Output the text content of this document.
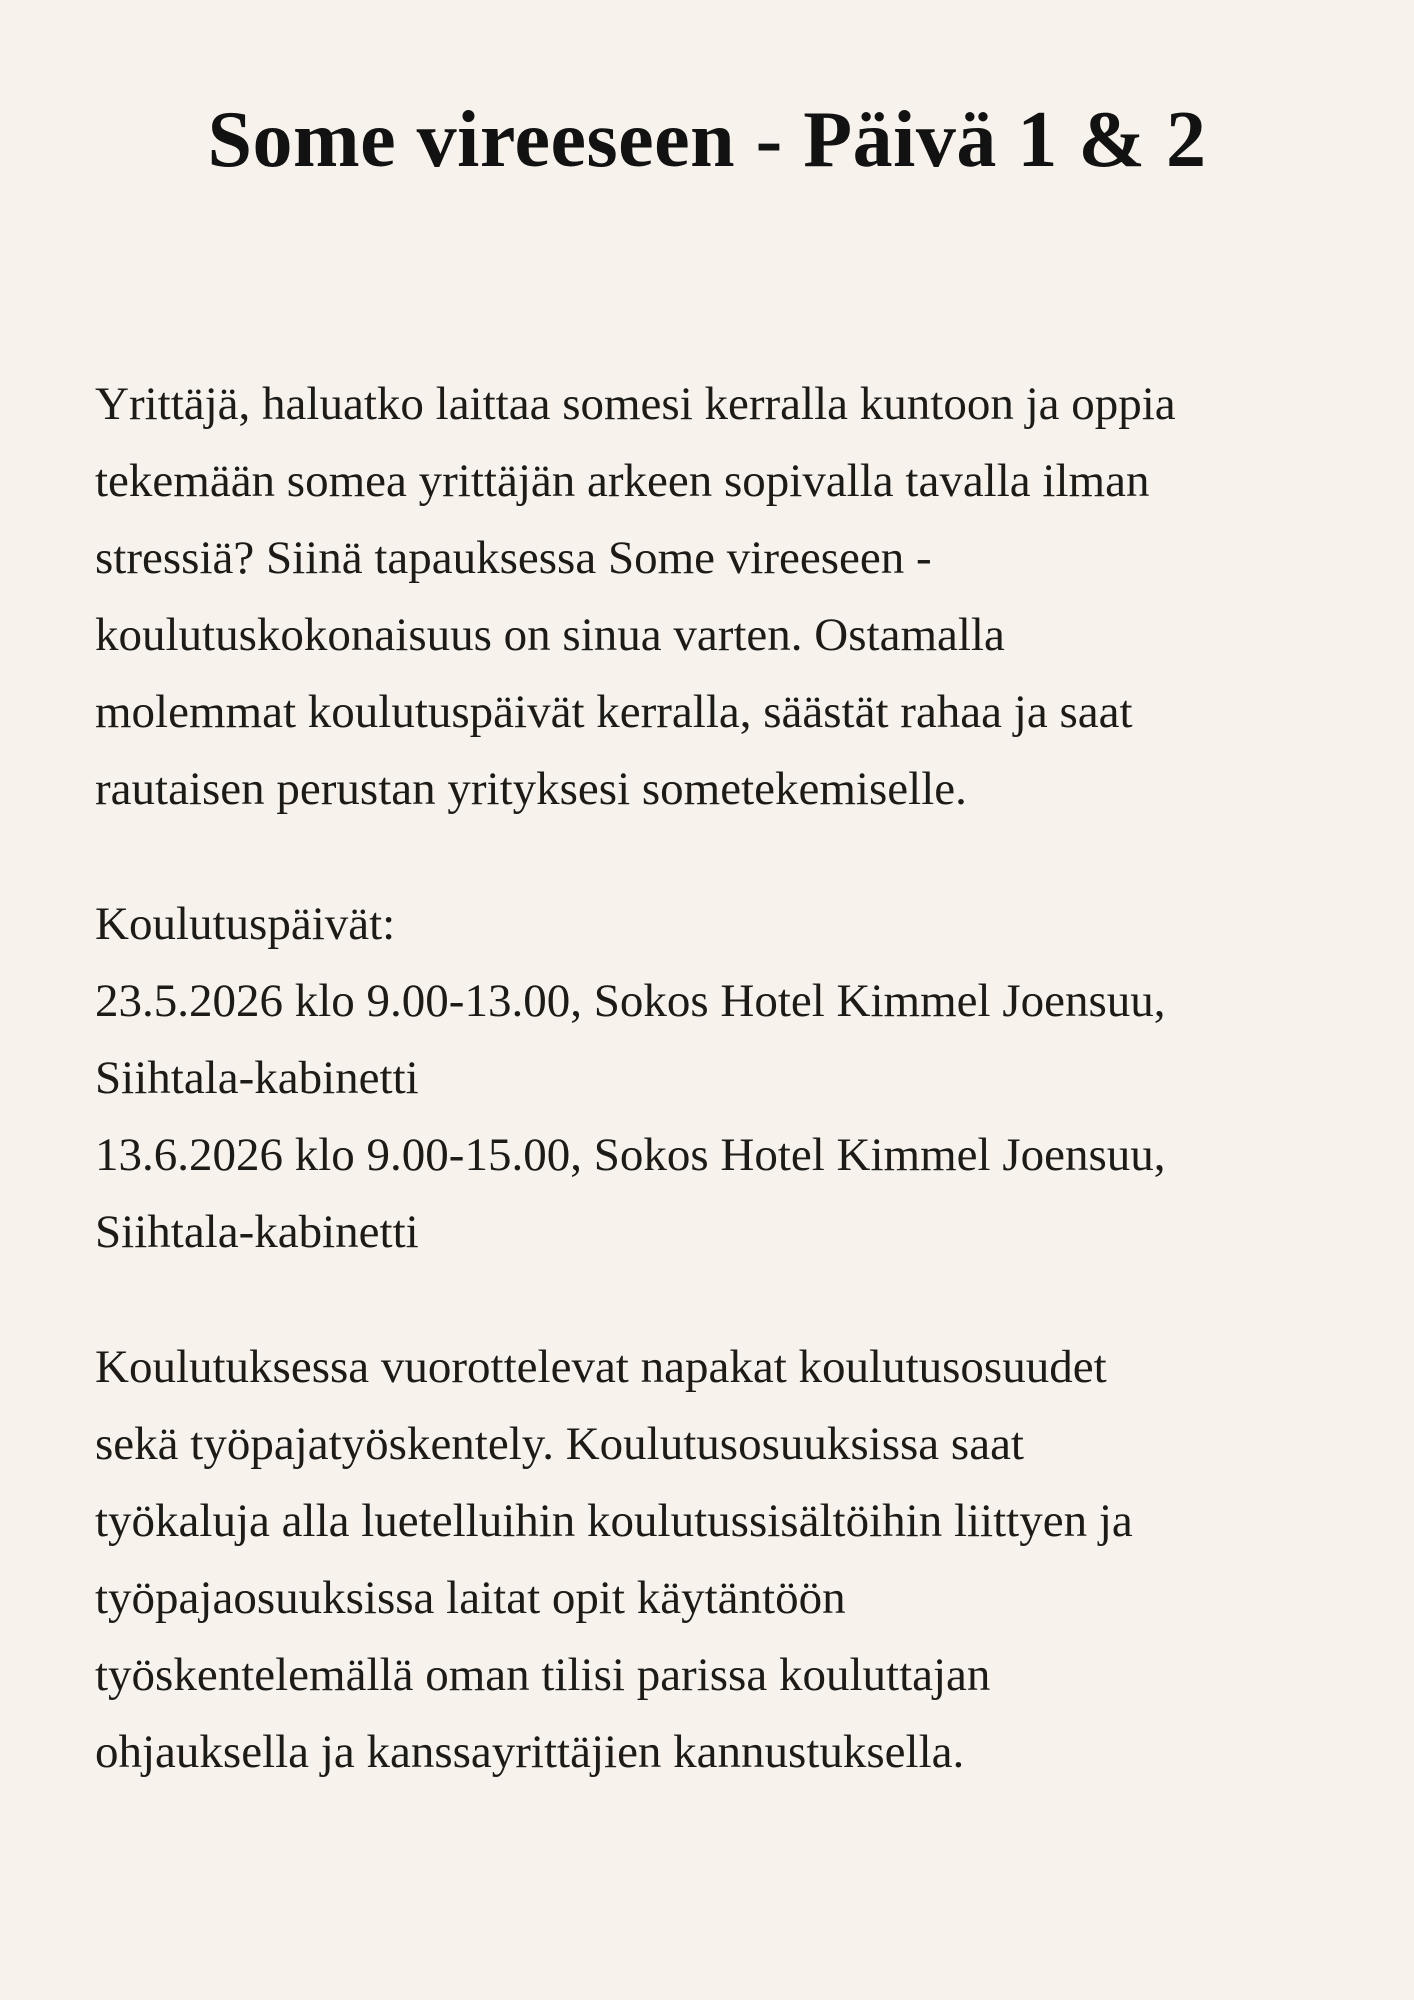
Some vireeseen - Päivä 1 & 2
Yrittäjä, haluatko laittaa somesi kerralla kuntoon ja oppia
tekemään somea yrittäjän arkeen sopivalla tavalla ilman
stressiä? Siinä tapauksessa Some vireeseen -
koulutuskokonaisuus on sinua varten. Ostamalla
molemmat koulutuspäivät kerralla, säästät rahaa ja saat
rautaisen perustan yrityksesi sometekemiselle.
Koulutuspäivät:
23.5.2026 klo 9.00-13.00, Sokos Hotel Kimmel Joensuu,
Siihtala-kabinetti
13.6.2026 klo 9.00-15.00, Sokos Hotel Kimmel Joensuu,
Siihtala-kabinetti
Koulutuksessa vuorottelevat napakat koulutusosuudet
sekä työpajatyöskentely. Koulutusosuuksissa saat
työkaluja alla luetelluihin koulutussisältöihin liittyen ja
työpajaosuuksissa laitat opit käytäntöön
työskentelemällä oman tilisi parissa kouluttajan
ohjauksella ja kanssayrittäjien kannustuksella.
